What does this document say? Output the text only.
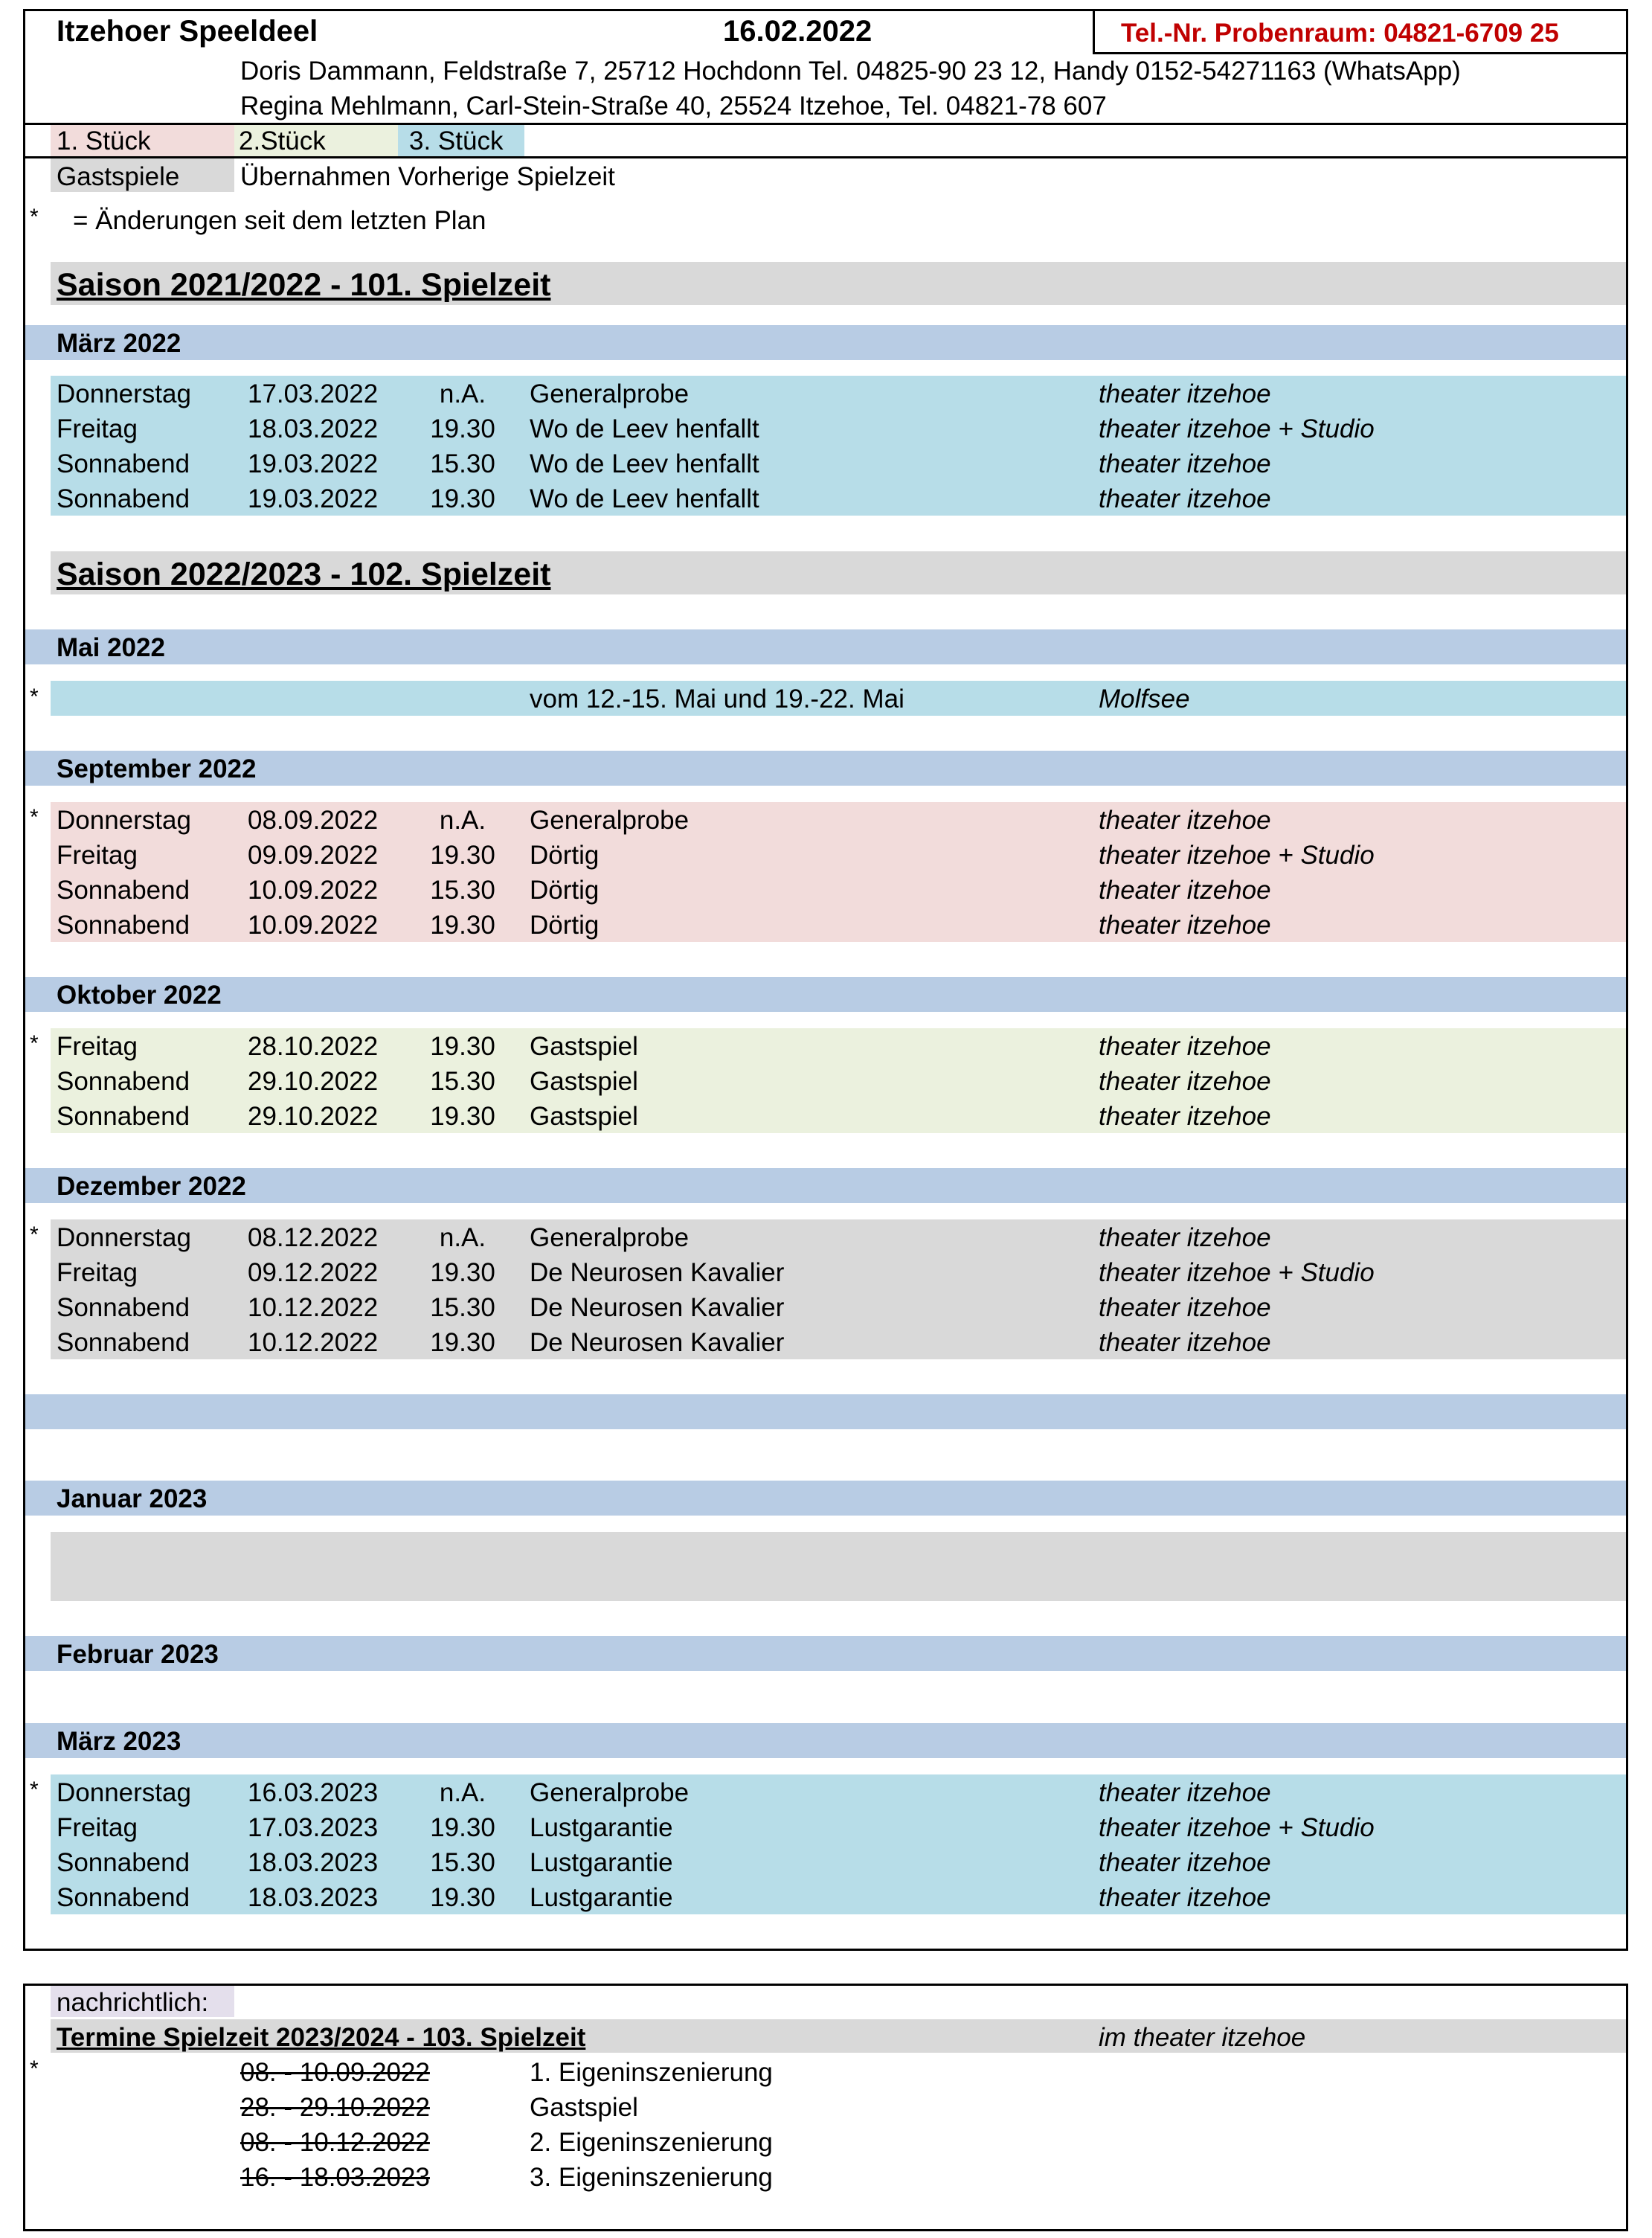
Itzehoer Speeldeel	16.02.2022	Tel.-Nr. Probenraum: 04821-6709 25
Doris Dammann, Feldstraße 7, 25712 Hochdonn Tel. 04825-90 23 12, Handy 0152-54271163 (WhatsApp)
Regina Mehlmann, Carl-Stein-Straße 40, 25524 Itzehoe, Tel. 04821-78 607
1. Stück	2.Stück	3. Stück
Gastspiele Übernahmen Vorherige Spielzeit
* = Änderungen seit dem letzten Plan
Saison 2021/2022 - 101. Spielzeit
März 2022
Donnerstag 17.03.2022	n.A.	Generalprobe	theater itzehoe
Freitag	18.03.2022 19.30 Wo de Leev henfallt	theater itzehoe + Studio
Sonnabend 19.03.2022 15.30 Wo de Leev henfallt	theater itzehoe
Sonnabend 19.03.2022 19.30 Wo de Leev henfallt	theater itzehoe
Saison 2022/2023 - 102. Spielzeit
Mai 2022
*	vom 12.-15. Mai und 19.-22. Mai	Molfsee
September 2022
* Donnerstag 08.09.2022	n.A.	Generalprobe	theater itzehoe
Freitag	09.09.2022 19.30 Dörtig	theater itzehoe + Studio
Sonnabend 10.09.2022 15.30 Dörtig	theater itzehoe
Sonnabend 10.09.2022 19.30 Dörtig	theater itzehoe
Oktober 2022
* Freitag	28.10.2022 19.30 Gastspiel	theater itzehoe
Sonnabend 29.10.2022 15.30 Gastspiel	theater itzehoe
Sonnabend 29.10.2022 19.30 Gastspiel	theater itzehoe
Dezember 2022
* Donnerstag 08.12.2022	n.A.	Generalprobe	theater itzehoe
Freitag	09.12.2022 19.30 De Neurosen Kavalier	theater itzehoe + Studio
Sonnabend 10.12.2022 15.30 De Neurosen Kavalier	theater itzehoe
Sonnabend 10.12.2022 19.30 De Neurosen Kavalier	theater itzehoe
Januar 2023
Februar 2023
März 2023
* Donnerstag 16.03.2023	n.A.	Generalprobe	theater itzehoe
Freitag	17.03.2023 19.30 Lustgarantie	theater itzehoe + Studio
Sonnabend 18.03.2023 15.30 Lustgarantie	theater itzehoe
Sonnabend 18.03.2023 19.30 Lustgarantie	theater itzehoe
nachrichtlich:
Termine Spielzeit 2023/2024 - 103. Spielzeit	im theater itzehoe
*	08. - 10.09.2022	1. Eigeninszenierung
28. - 29.10.2022	Gastspiel
08. - 10.12.2022	2. Eigeninszenierung
16. - 18.03.2023	3. Eigeninszenierung
